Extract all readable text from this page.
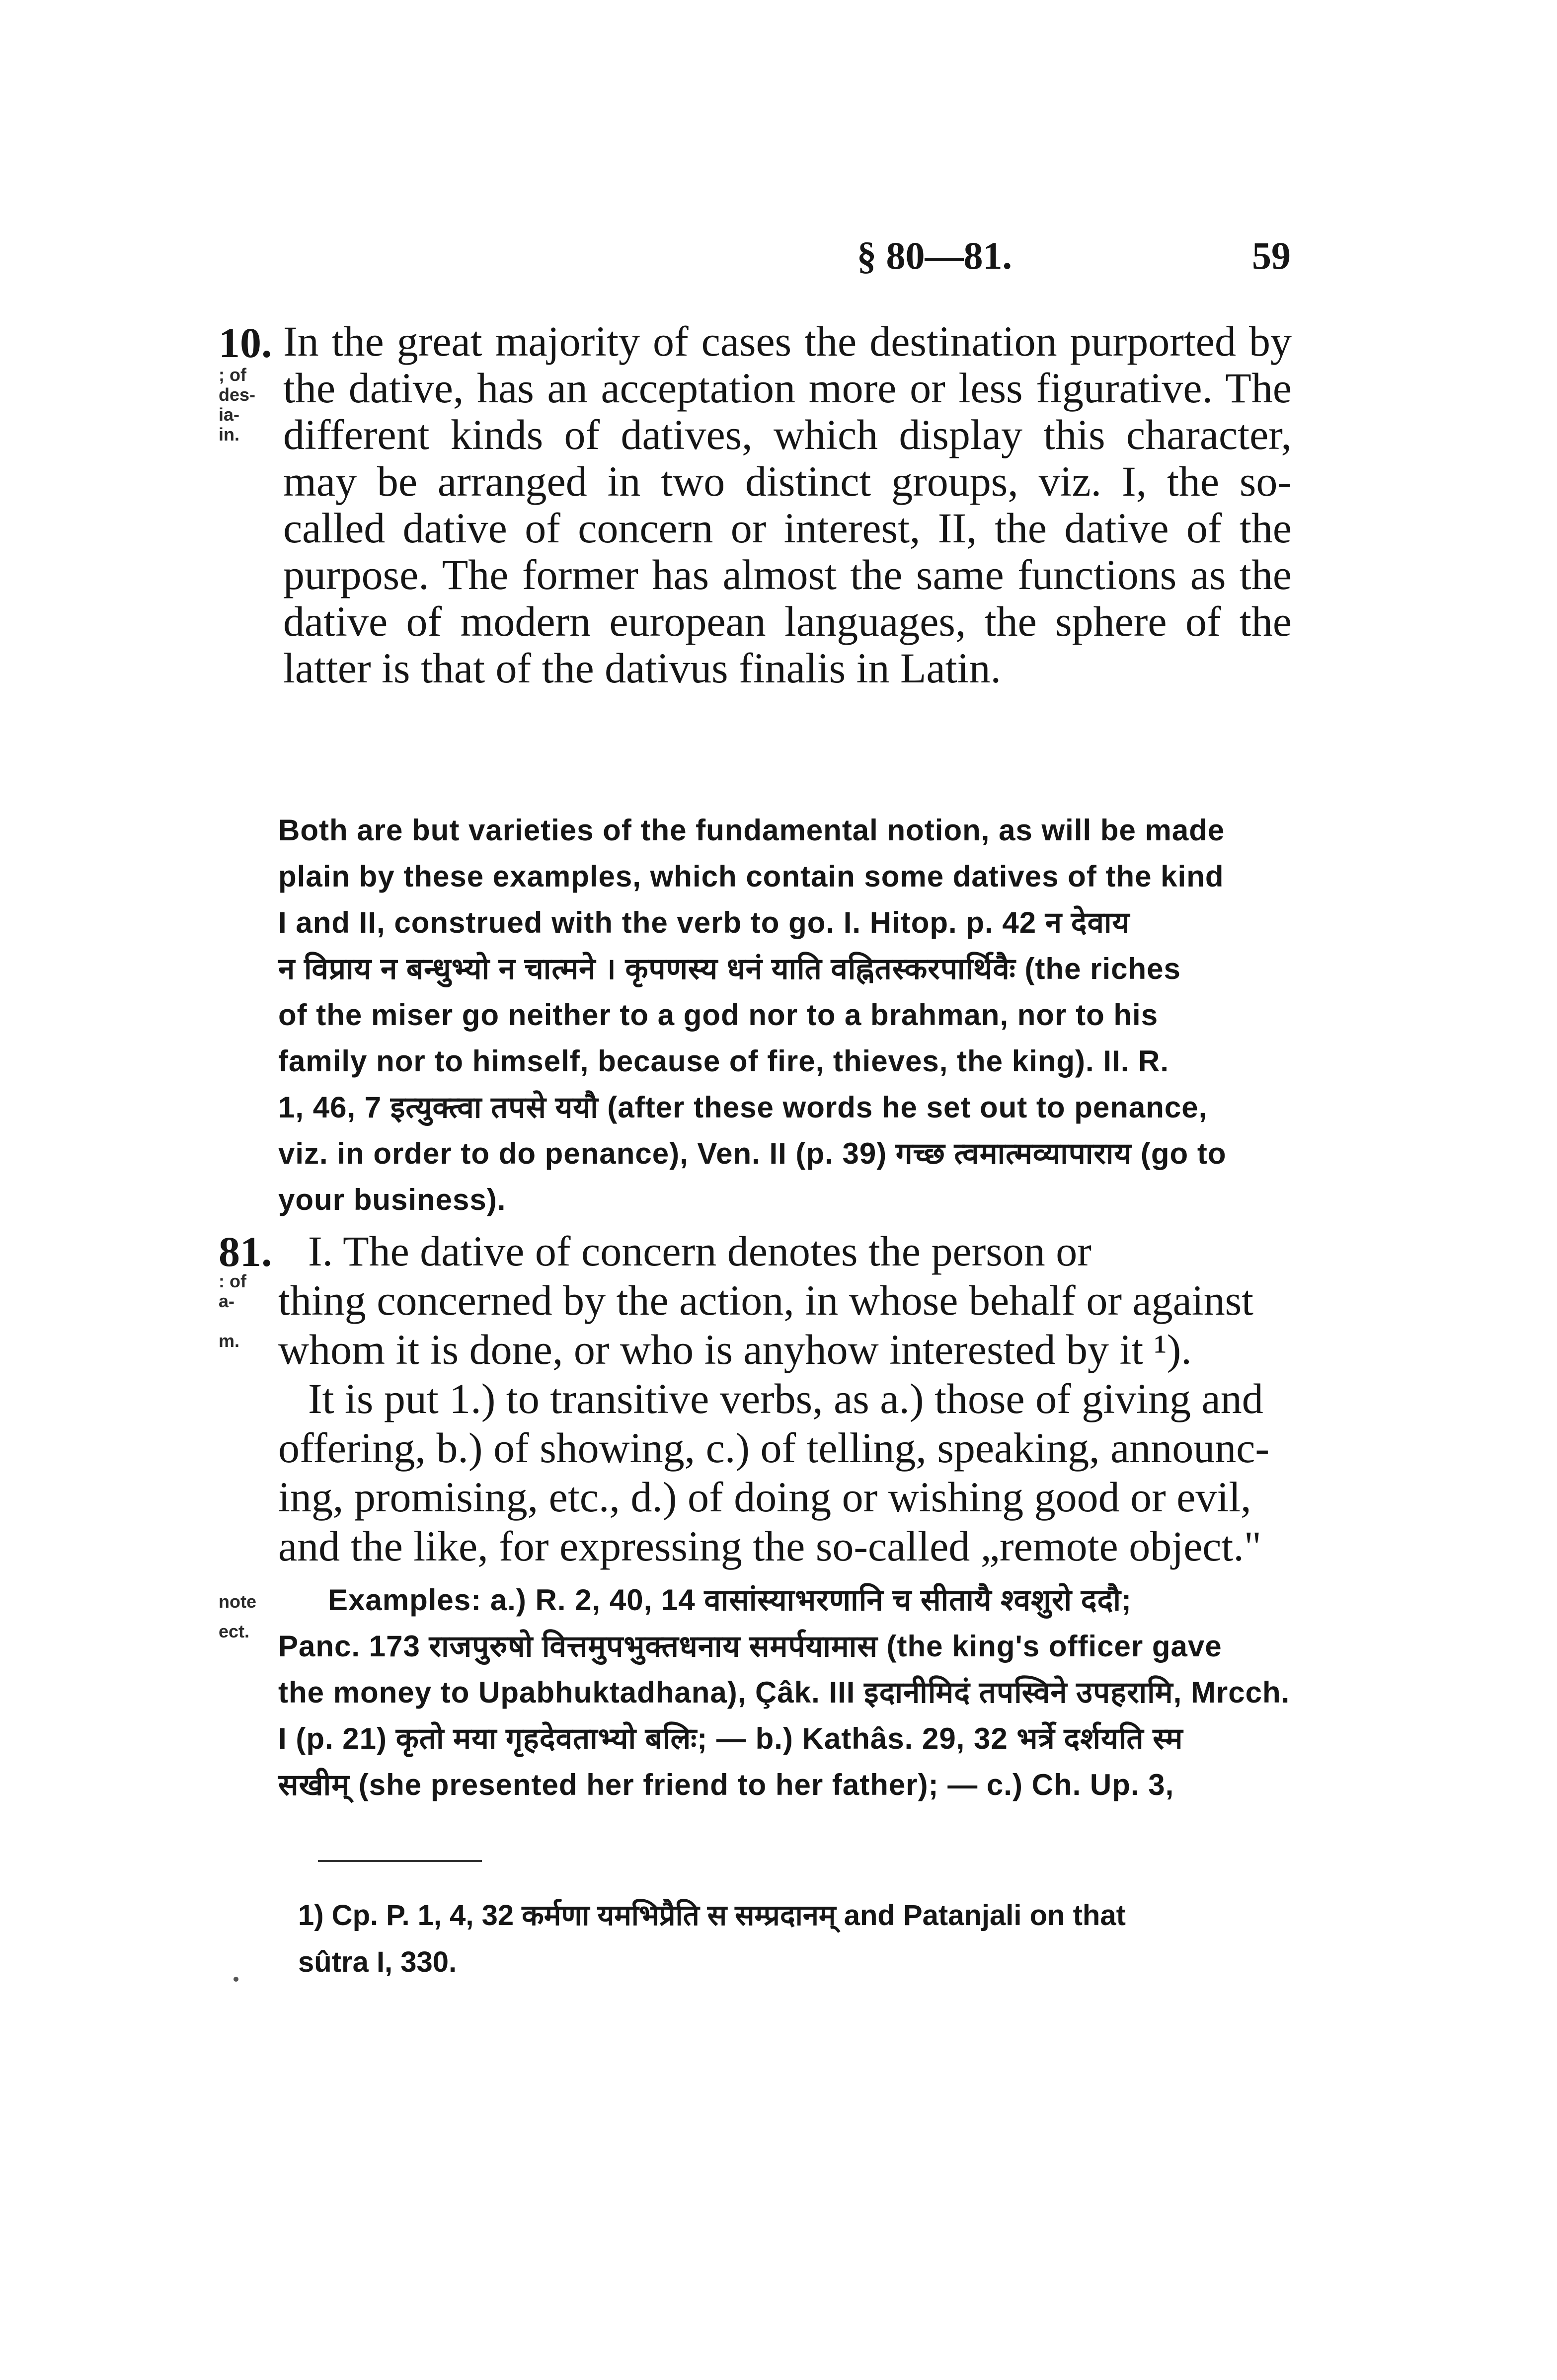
§ 80—81.	59
10.
; of
des-
ia-
in.
In the great majority of cases the destination purported by the dative, has an acceptation more or less figurative. The different kinds of datives, which display this character, may be arranged in two distinct groups, viz. I, the so-called dative of concern or interest, II, the dative of the purpose. The former has almost the same functions as the dative of modern european languages, the sphere of the latter is that of the dativus finalis in Latin.
Both are but varieties of the fundamental notion, as will be made
plain by these examples, which contain some datives of the kind
I and II, construed with the verb to go. I. Hitop. p. 42 न देवाय
न विप्राय न बन्धुभ्यो न चात्मने । कृपणस्य धनं याति वह्नितस्करपार्थिवैः (the riches
of the miser go neither to a god nor to a brahman, nor to his
family nor to himself, because of fire, thieves, the king). II. R.
1, 46, 7 इत्युक्त्वा तपसे ययौ (after these words he set out to penance,
viz. in order to do penance), Ven. II (p. 39) गच्छ त्वमात्मव्यापाराय (go to
your business).
81.
: of
a-
m.
I. The dative of concern denotes the person or
thing concerned by the action, in whose behalf or against
whom it is done, or who is anyhow interested by it ¹).
It is put 1.) to transitive verbs, as a.) those of giving and
offering, b.) of showing, c.) of telling, speaking, announc-
ing, promising, etc., d.) of doing or wishing good or evil,
and the like, for expressing the so-called „remote object."
note
ect.
Examples: a.) R. 2, 40, 14 वासांस्याभरणानि च सीतायै श्वशुरो ददौ;
Panc. 173 राजपुरुषो वित्तमुपभुक्तधनाय समर्पयामास (the king's officer gave
the money to Upabhuktadhana), Çâk. III इदानीमिदं तपस्विने उपहरामि, Mrcch.
I (p. 21) कृतो मया गृहदेवताभ्यो बलिः; — b.) Kathâs. 29, 32 भर्त्रे दर्शयति स्म
सखीम् (she presented her friend to her father); — c.) Ch. Up. 3,
1) Cp. P. 1, 4, 32 कर्मणा यमभिप्रैति स सम्प्रदानम् and Patanjali on that
sûtra I, 330.
